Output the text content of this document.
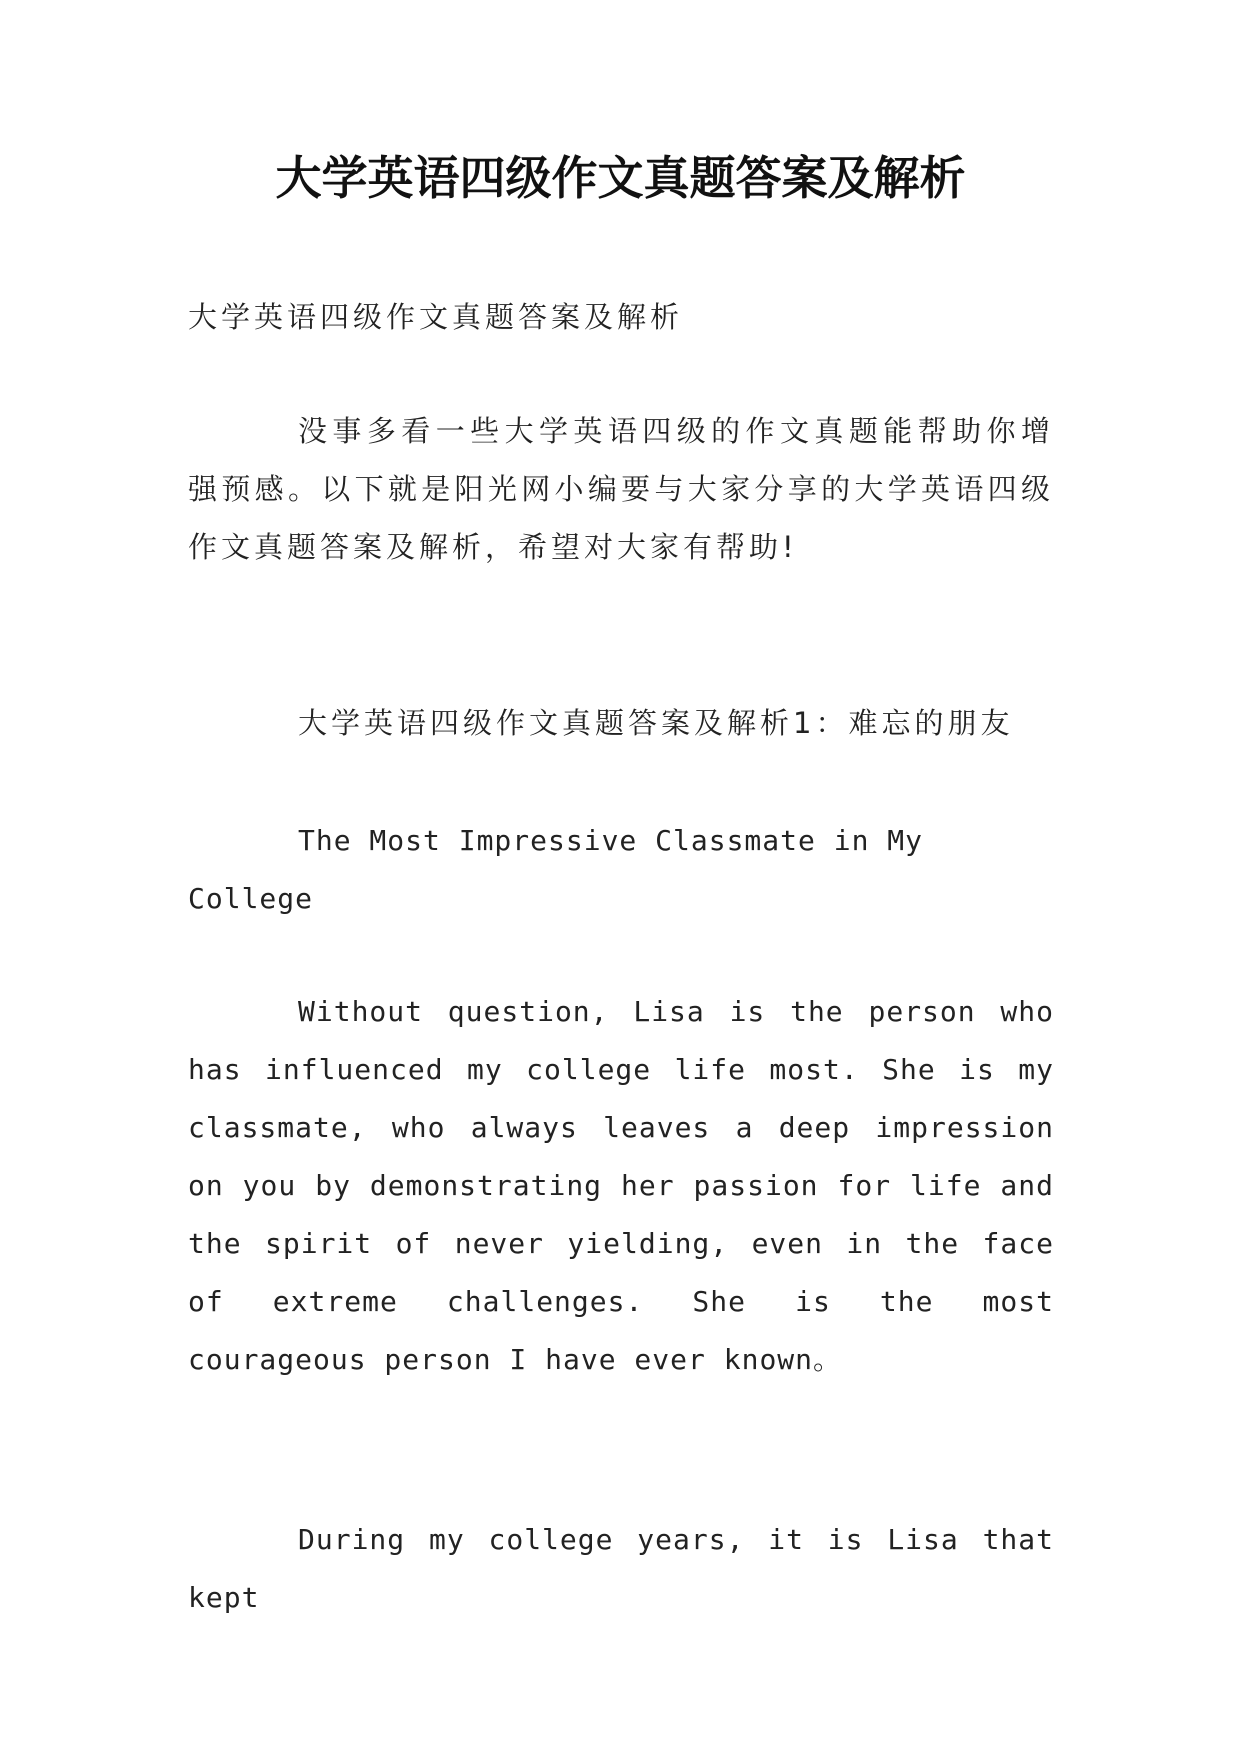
大学英语四级作文真题答案及解析

大学英语四级作文真题答案及解析

没事多看一些大学英语四级的作文真题能帮助你增强预感。以下就是阳光网小编要与大家分享的大学英语四级作文真题答案及解析，希望对大家有帮助!

大学英语四级作文真题答案及解析1：难忘的朋友

The Most Impressive Classmate in My College

Without question, Lisa is the person who has influenced my college life most. She is my classmate, who always leaves a deep impression on you by demonstrating her passion for life and the spirit of never yielding, even in the face of extreme challenges. She is the most courageous person I have ever known。

During my college years, it is Lisa that kept
